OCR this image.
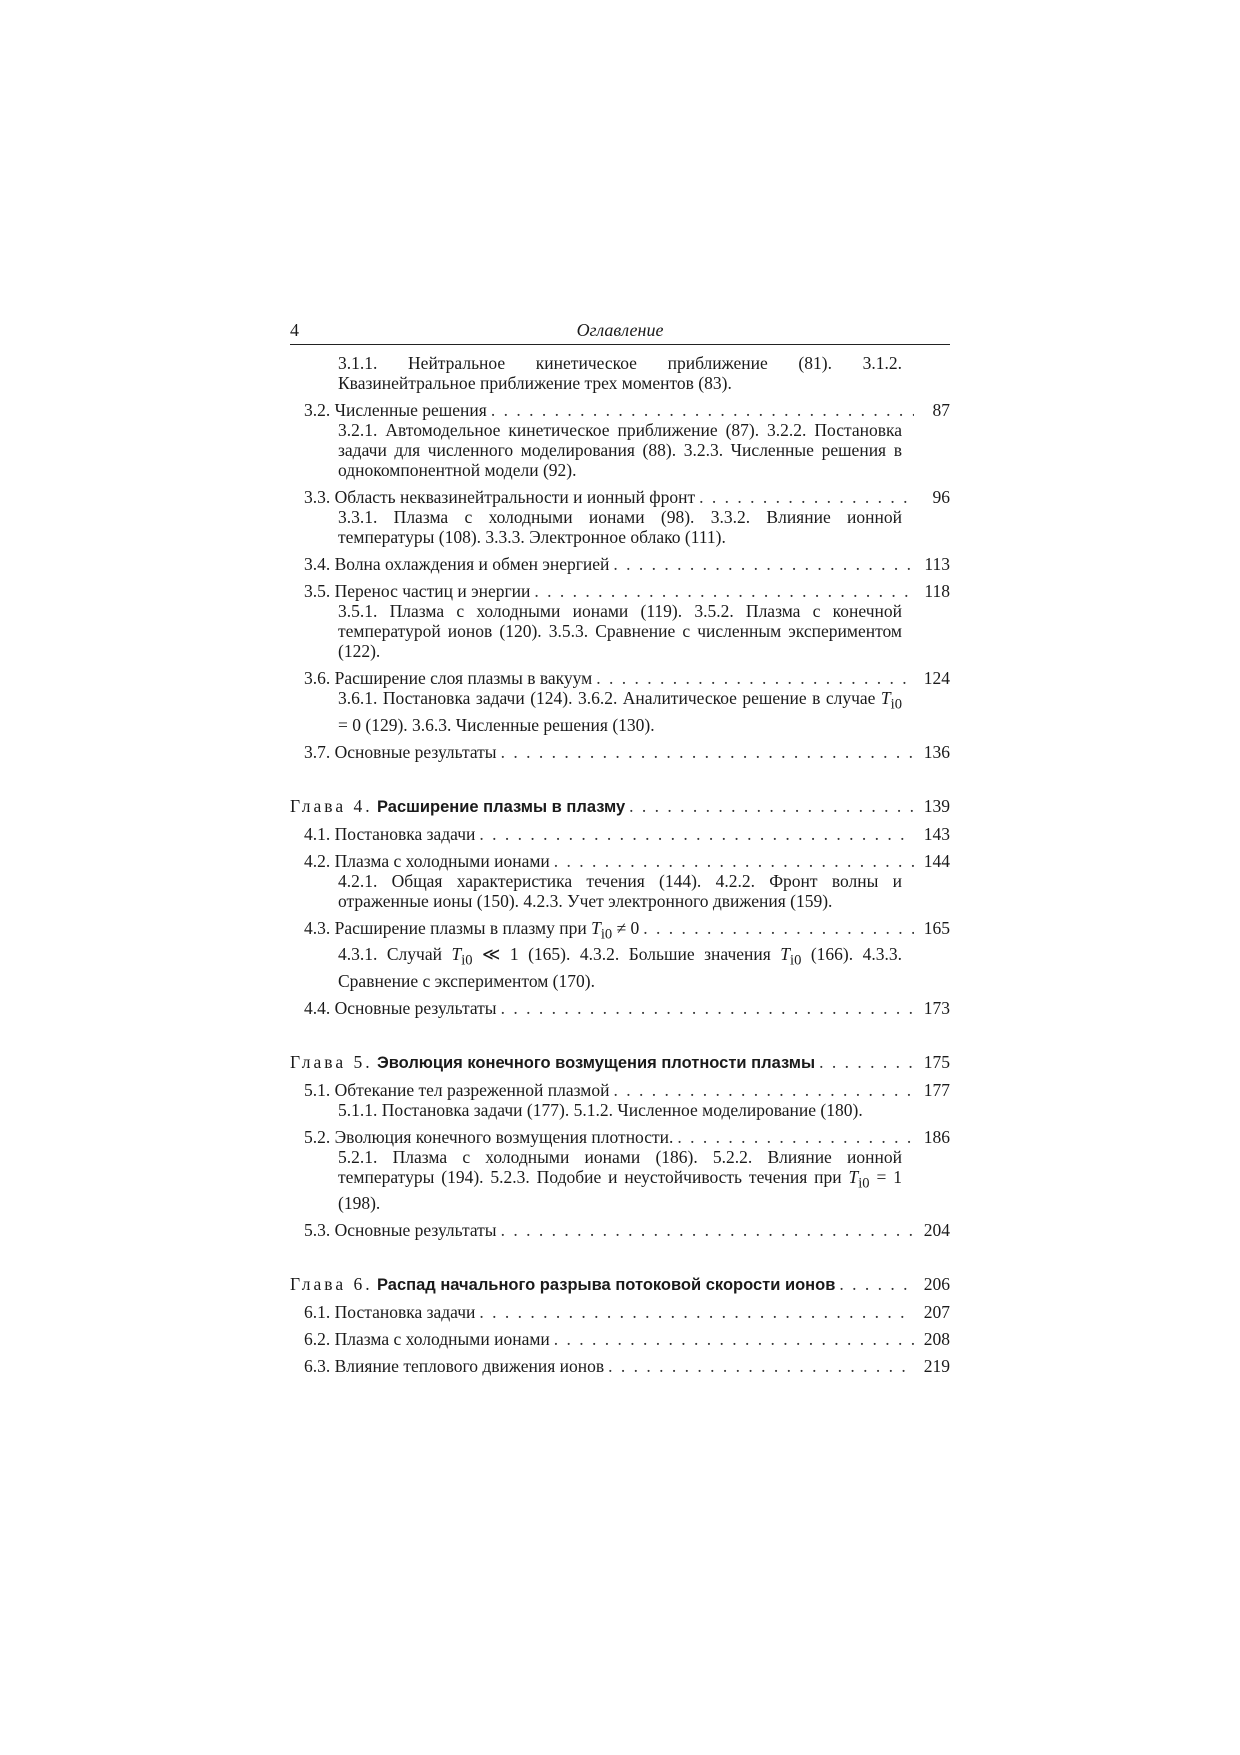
4	Оглавление
3.1.1. Нейтральное кинетическое приближение (81). 3.1.2. Квазинейтральное приближение трех моментов (83).
3.2. Численные решения . . .	87
3.2.1. Автомодельное кинетическое приближение (87). 3.2.2. Постановка задачи для численного моделирования (88). 3.2.3. Численные решения в однокомпонентной модели (92).
3.3. Область неквазинейтральности и ионный фронт . . .	96
3.3.1. Плазма с холодными ионами (98). 3.3.2. Влияние ионной температуры (108). 3.3.3. Электронное облако (111).
3.4. Волна охлаждения и обмен энергией . . .	113
3.5. Перенос частиц и энергии . . .	118
3.5.1. Плазма с холодными ионами (119). 3.5.2. Плазма с конечной температурой ионов (120). 3.5.3. Сравнение с численным экспериментом (122).
3.6. Расширение слоя плазмы в вакуум . . .	124
3.6.1. Постановка задачи (124). 3.6.2. Аналитическое решение в случае $T_{i0} = 0$ (129). 3.6.3. Численные решения (130).
3.7. Основные результаты . . .	136
Глава 4. Расширение плазмы в плазму . . .	139
4.1. Постановка задачи . . .	143
4.2. Плазма с холодными ионами . . .	144
4.2.1. Общая характеристика течения (144). 4.2.2. Фронт волны и отраженные ионы (150). 4.2.3. Учет электронного движения (159).
4.3. Расширение плазмы в плазму при $T_{i0} \ne 0$ . . .	165
4.3.1. Случай $T_{i0}$ ≪ 1 (165). 4.3.2. Большие значения $T_{i0}$ (166). 4.3.3. Сравнение с экспериментом (170).
4.4. Основные результаты . . .	173
Глава 5. Эволюция конечного возмущения плотности плазмы . . .	175
5.1. Обтекание тел разреженной плазмой . . .	177
5.1.1. Постановка задачи (177). 5.1.2. Численное моделирование (180).
5.2. Эволюция конечного возмущения плотности. . . .	186
5.2.1. Плазма с холодными ионами (186). 5.2.2. Влияние ионной температуры (194). 5.2.3. Подобие и неустойчивость течения при $T_{i0} = 1$ (198).
5.3. Основные результаты . . .	204
Глава 6. Распад начального разрыва потоковой скорости ионов . . .	206
6.1. Постановка задачи . . .	207
6.2. Плазма с холодными ионами . . .	208
6.3. Влияние теплового движения ионов . . .	219
